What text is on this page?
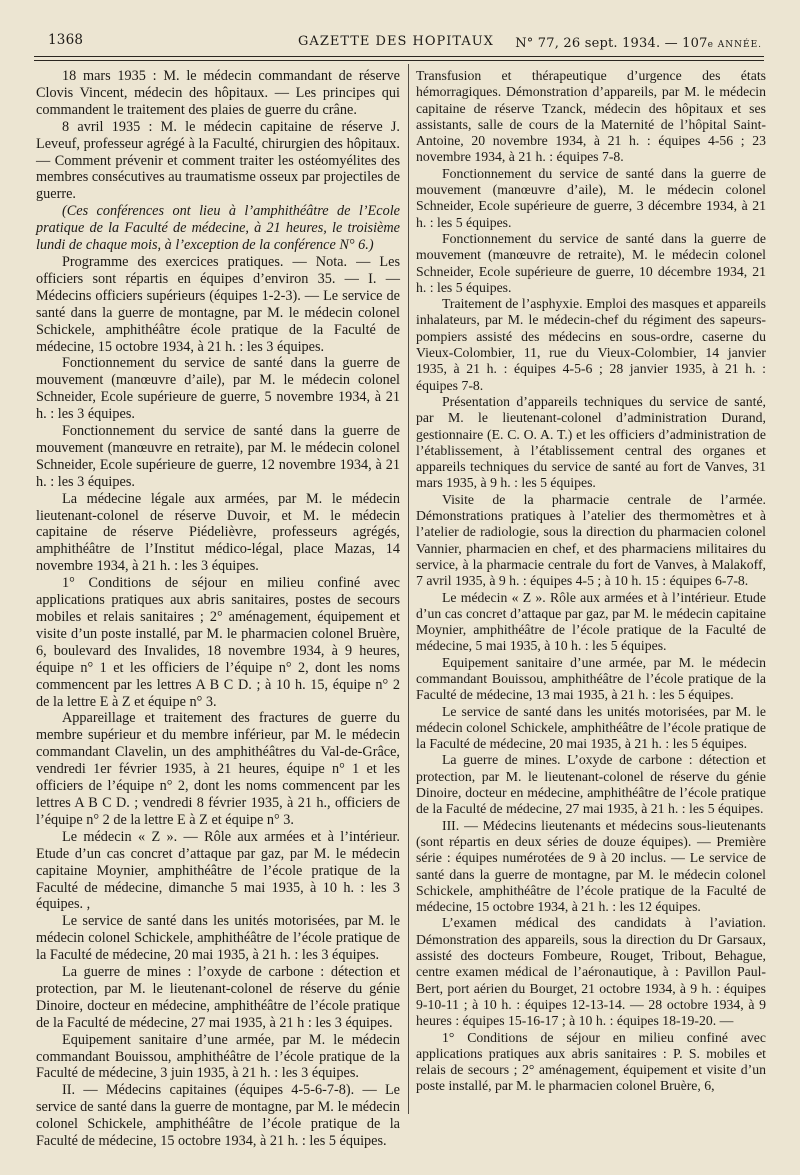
1368	GAZETTE DES HOPITAUX	N° 77, 26 sept. 1934. — 107e ANNÉE.

18 mars 1935 : M. le médecin commandant de réserve Clovis Vincent, médecin des hôpitaux. — Les principes qui commandent le traitement des plaies de guerre du crâne.

8 avril 1935 : M. le médecin capitaine de réserve J. Leveuf, professeur agrégé à la Faculté, chirurgien des hôpitaux. — Comment prévenir et comment traiter les ostéomyélites des membres consécutives au traumatisme osseux par projectiles de guerre.

(Ces conférences ont lieu à l’amphithéâtre de l’Ecole pratique de la Faculté de médecine, à 21 heures, le troisième lundi de chaque mois, à l’exception de la conférence N° 6.)

Programme des exercices pratiques. — Nota. — Les officiers sont répartis en équipes d’environ 35. — I. — Médecins officiers supérieurs (équipes 1-2-3). — Le service de santé dans la guerre de montagne, par M. le médecin colonel Schickele, amphithéâtre école pratique de la Faculté de médecine, 15 octobre 1934, à 21 h. : les 3 équipes.

Fonctionnement du service de santé dans la guerre de mouvement (manœuvre d’aile), par M. le médecin colonel Schneider, Ecole supérieure de guerre, 5 novembre 1934, à 21 h. : les 3 équipes.

Fonctionnement du service de santé dans la guerre de mouvement (manœuvre en retraite), par M. le médecin colonel Schneider, Ecole supérieure de guerre, 12 novembre 1934, à 21 h. : les 3 équipes.

La médecine légale aux armées, par M. le médecin lieutenant-colonel de réserve Duvoir, et M. le médecin capitaine de réserve Piédelièvre, professeurs agrégés, amphithéâtre de l’Institut médico-légal, place Mazas, 14 novembre 1934, à 21 h. : les 3 équipes.

1° Conditions de séjour en milieu confiné avec applications pratiques aux abris sanitaires, postes de secours mobiles et relais sanitaires ; 2° aménagement, équipement et visite d’un poste installé, par M. le pharmacien colonel Bruère, 6, boulevard des Invalides, 18 novembre 1934, à 9 heures, équipe n° 1 et les officiers de l’équipe n° 2, dont les noms commencent par les lettres A B C D. ; à 10 h. 15, équipe n° 2 de la lettre E à Z et équipe n° 3.

Appareillage et traitement des fractures de guerre du membre supérieur et du membre inférieur, par M. le médecin commandant Clavelin, un des amphithéâtres du Val-de-Grâce, vendredi 1er février 1935, à 21 heures, équipe n° 1 et les officiers de l’équipe n° 2, dont les noms commencent par les lettres A B C D. ; vendredi 8 février 1935, à 21 h., officiers de l’équipe n° 2 de la lettre E à Z et équipe n° 3.

Le médecin « Z ». — Rôle aux armées et à l’intérieur. Etude d’un cas concret d’attaque par gaz, par M. le médecin capitaine Moynier, amphithéâtre de l’école pratique de la Faculté de médecine, dimanche 5 mai 1935, à 10 h. : les 3 équipes. ,

Le service de santé dans les unités motorisées, par M. le médecin colonel Schickele, amphithéâtre de l’école pratique de la Faculté de médecine, 20 mai 1935, à 21 h. : les 3 équipes.

La guerre de mines : l’oxyde de carbone : détection et protection, par M. le lieutenant-colonel de réserve du génie Dinoire, docteur en médecine, amphithéâtre de l’école pratique de la Faculté de médecine, 27 mai 1935, à 21 h : les 3 équipes.

Equipement sanitaire d’une armée, par M. le médecin commandant Bouissou, amphithéâtre de l’école pratique de la Faculté de médecine, 3 juin 1935, à 21 h. : les 3 équipes.

II. — Médecins capitaines (équipes 4-5-6-7-8). — Le service de santé dans la guerre de montagne, par M. le médecin colonel Schickele, amphithéâtre de l’école pratique de la Faculté de médecine, 15 octobre 1934, à 21 h. : les 5 équipes.

Transfusion et thérapeutique d’urgence des états hémorragiques. Démonstration d’appareils, par M. le médecin capitaine de réserve Tzanck, médecin des hôpitaux et ses assistants, salle de cours de la Maternité de l’hôpital Saint-Antoine, 20 novembre 1934, à 21 h. : équipes 4-56 ; 23 novembre 1934, à 21 h. : équipes 7-8.

Fonctionnement du service de santé dans la guerre de mouvement (manœuvre d’aile), M. le médecin colonel Schneider, Ecole supérieure de guerre, 3 décembre 1934, à 21 h. : les 5 équipes.

Fonctionnement du service de santé dans la guerre de mouvement (manœuvre de retraite), M. le médecin colonel Schneider, Ecole supérieure de guerre, 10 décembre 1934, 21 h. : les 5 équipes.

Traitement de l’asphyxie. Emploi des masques et appareils inhalateurs, par M. le médecin-chef du régiment des sapeurs-pompiers assisté des médecins en sous-ordre, caserne du Vieux-Colombier, 11, rue du Vieux-Colombier, 14 janvier 1935, à 21 h. : équipes 4-5-6 ; 28 janvier 1935, à 21 h. : équipes 7-8.

Présentation d’appareils techniques du service de santé, par M. le lieutenant-colonel d’administration Durand, gestionnaire (E. C. O. A. T.) et les officiers d’administration de l’établissement, à l’établissement central des organes et appareils techniques du service de santé au fort de Vanves, 31 mars 1935, à 9 h. : les 5 équipes.

Visite de la pharmacie centrale de l’armée. Démonstrations pratiques à l’atelier des thermomètres et à l’atelier de radiologie, sous la direction du pharmacien colonel Vannier, pharmacien en chef, et des pharmaciens militaires du service, à la pharmacie centrale du fort de Vanves, à Malakoff, 7 avril 1935, à 9 h. : équipes 4-5 ; à 10 h. 15 : équipes 6-7-8.

Le médecin « Z ». Rôle aux armées et à l’intérieur. Etude d’un cas concret d’attaque par gaz, par M. le médecin capitaine Moynier, amphithéâtre de l’école pratique de la Faculté de médecine, 5 mai 1935, à 10 h. : les 5 équipes.

Equipement sanitaire d’une armée, par M. le médecin commandant Bouissou, amphithéâtre de l’école pratique de la Faculté de médecine, 13 mai 1935, à 21 h. : les 5 équipes.

Le service de santé dans les unités motorisées, par M. le médecin colonel Schickele, amphithéâtre de l’école pratique de la Faculté de médecine, 20 mai 1935, à 21 h. : les 5 équipes.

La guerre de mines. L’oxyde de carbone : détection et protection, par M. le lieutenant-colonel de réserve du génie Dinoire, docteur en médecine, amphithéâtre de l’école pratique de la Faculté de médecine, 27 mai 1935, à 21 h. : les 5 équipes.

III. — Médecins lieutenants et médecins sous-lieutenants (sont répartis en deux séries de douze équipes). — Première série : équipes numérotées de 9 à 20 inclus. — Le service de santé dans la guerre de montagne, par M. le médecin colonel Schickele, amphithéâtre de l’école pratique de la Faculté de médecine, 15 octobre 1934, à 21 h. : les 12 équipes.

L’examen médical des candidats à l’aviation. Démonstration des appareils, sous la direction du Dr Garsaux, assisté des docteurs Fombeure, Rouget, Tribout, Behague, centre examen médical de l’aéronautique, à : Pavillon Paul-Bert, port aérien du Bourget, 21 octobre 1934, à 9 h. : équipes 9-10-11 ; à 10 h. : équipes 12-13-14. — 28 octobre 1934, à 9 heures : équipes 15-16-17 ; à 10 h. : équipes 18-19-20. —

1° Conditions de séjour en milieu confiné avec applications pratiques aux abris sanitaires : P. S. mobiles et relais de secours ; 2° aménagement, équipement et visite d’un poste installé, par M. le pharmacien colonel Bruère, 6,
